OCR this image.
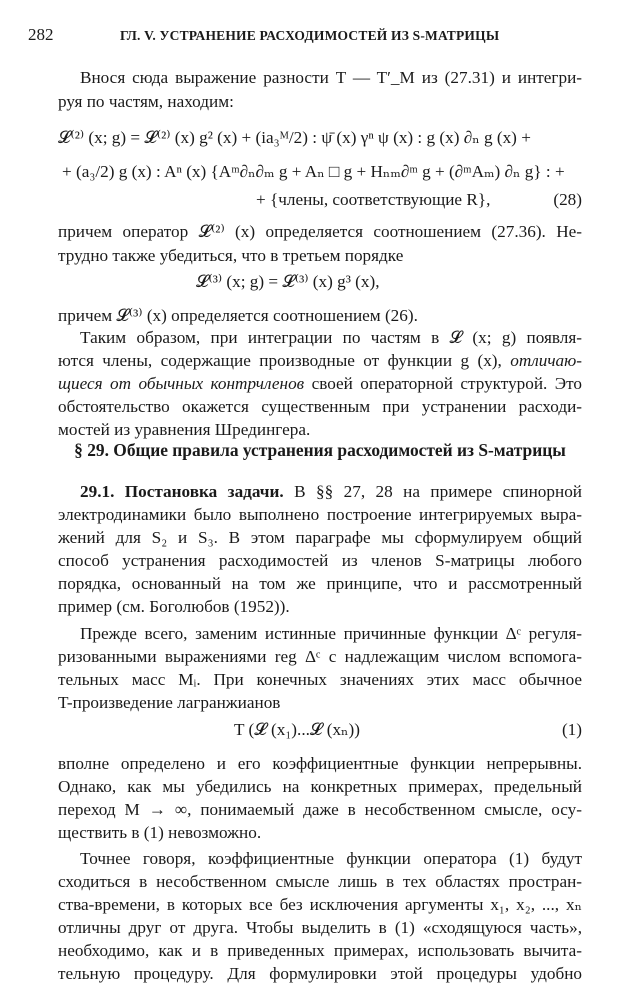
282	ГЛ. V. УСТРАНЕНИЕ РАСХОДИМОСТЕЙ ИЗ S-МАТРИЦЫ
Внося сюда выражение разности T — T′_M из (27.31) и интегри-
руя по частям, находим:
𝓛⁽²⁾ (x; g) = 𝓛⁽²⁾ (x) g² (x) + (ia₃ᴹ/2) : ψ̄ (x) γⁿ ψ (x) : g (x) ∂ₙ g (x) +
+ (a₃/2) g (x) : Aⁿ (x) {Aᵐ∂ₙ∂ₘ g + Aₙ □ g + Hₙₘ∂ᵐ g + (∂ᵐAₘ) ∂ₙ g} : +
+ {члены, соответствующие R},	(28)
причем оператор 𝓛⁽²⁾ (x) определяется соотношением (27.36). Не-
трудно также убедиться, что в третьем порядке
𝓛⁽³⁾ (x; g) = 𝓛⁽³⁾ (x) g³ (x),
причем 𝓛⁽³⁾ (x) определяется соотношением (26).
Таким образом, при интеграции по частям в 𝓛 (x; g) появля-
ются члены, содержащие производные от функции g (x), отличаю-
щиеся от обычных контрчленов своей операторной структурой. Это
обстоятельство окажется существенным при устранении расходи-
мостей из уравнения Шредингера.
§ 29. Общие правила устранения расходимостей из S-матрицы
29.1. Постановка задачи. В §§ 27, 28 на примере спинорной
электродинамики было выполнено построение интегрируемых выра-
жений для S₂ и S₃. В этом параграфе мы сформулируем общий
способ устранения расходимостей из членов S-матрицы любого
порядка, основанный на том же принципе, что и рассмотренный
пример (см. Боголюбов (1952)).
Прежде всего, заменим истинные причинные функции Δᶜ регуля-
ризованными выражениями reg Δᶜ с надлежащим числом вспомога-
тельных масс Mᵢ. При конечных значениях этих масс обычное
T-произведение лагранжианов
T (𝓛 (x₁)...𝓛 (xₙ))	(1)
вполне определено и его коэффициентные функции непрерывны.
Однако, как мы убедились на конкретных примерах, предельный
переход M → ∞, понимаемый даже в несобственном смысле, осу-
ществить в (1) невозможно.
Точнее говоря, коэффициентные функции оператора (1) будут
сходиться в несобственном смысле лишь в тех областях простран-
ства-времени, в которых все без исключения аргументы x₁, x₂, ..., xₙ
отличны друг от друга. Чтобы выделить в (1) «сходящуюся часть»,
необходимо, как и в приведенных примерах, использовать вычита-
тельную процедуру. Для формулировки этой процедуры удобно
